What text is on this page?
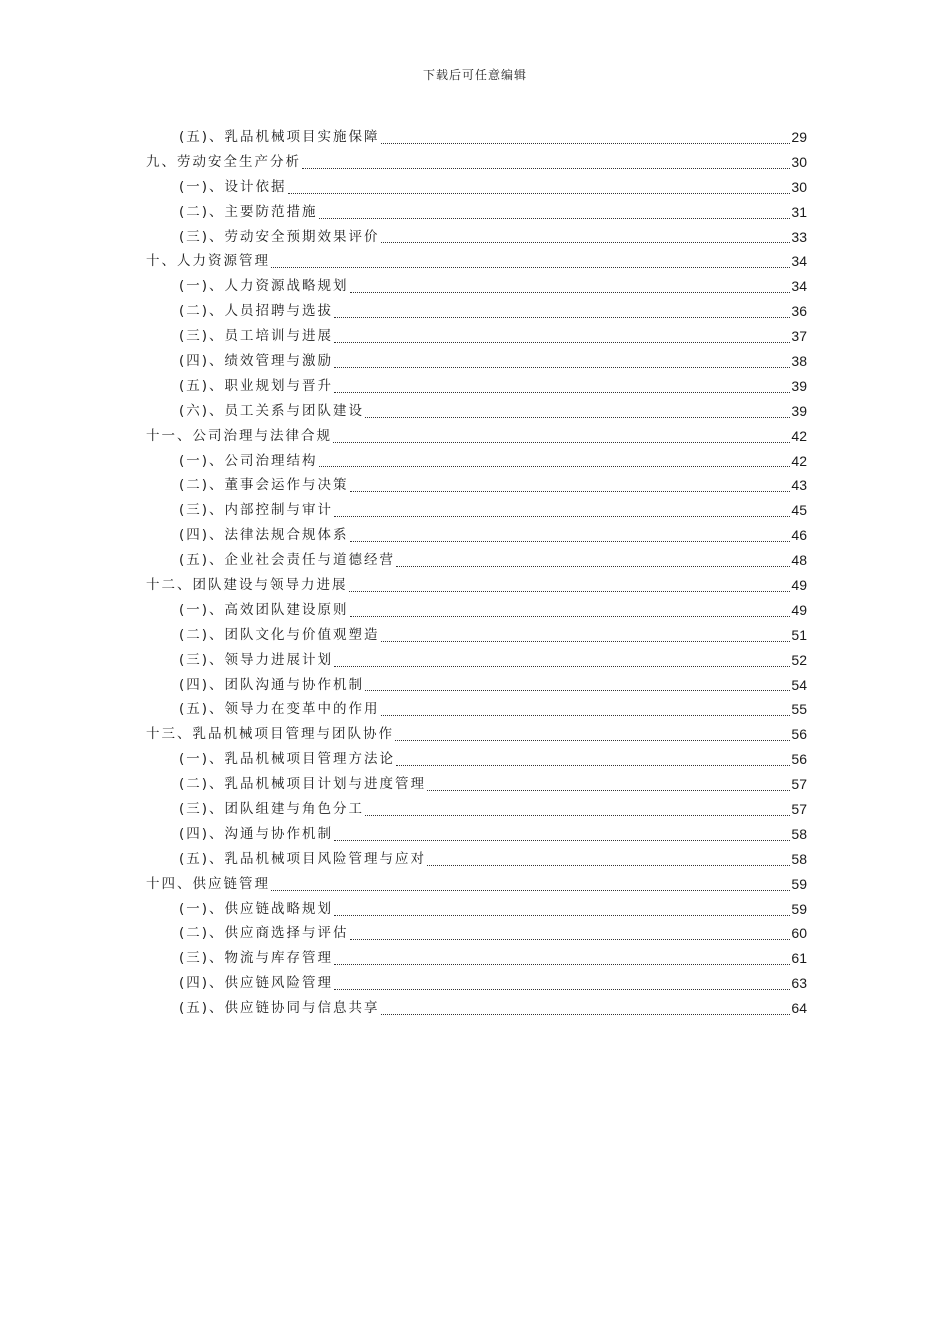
下载后可任意编辑
(五)、乳品机械项目实施保障	29
九、劳动安全生产分析	30
(一)、设计依据	30
(二)、主要防范措施	31
(三)、劳动安全预期效果评价	33
十、人力资源管理	34
(一)、人力资源战略规划	34
(二)、人员招聘与选拔	36
(三)、员工培训与进展	37
(四)、绩效管理与激励	38
(五)、职业规划与晋升	39
(六)、员工关系与团队建设	39
十一、公司治理与法律合规	42
(一)、公司治理结构	42
(二)、董事会运作与决策	43
(三)、内部控制与审计	45
(四)、法律法规合规体系	46
(五)、企业社会责任与道德经营	48
十二、团队建设与领导力进展	49
(一)、高效团队建设原则	49
(二)、团队文化与价值观塑造	51
(三)、领导力进展计划	52
(四)、团队沟通与协作机制	54
(五)、领导力在变革中的作用	55
十三、乳品机械项目管理与团队协作	56
(一)、乳品机械项目管理方法论	56
(二)、乳品机械项目计划与进度管理	57
(三)、团队组建与角色分工	57
(四)、沟通与协作机制	58
(五)、乳品机械项目风险管理与应对	58
十四、供应链管理	59
(一)、供应链战略规划	59
(二)、供应商选择与评估	60
(三)、物流与库存管理	61
(四)、供应链风险管理	63
(五)、供应链协同与信息共享	64
